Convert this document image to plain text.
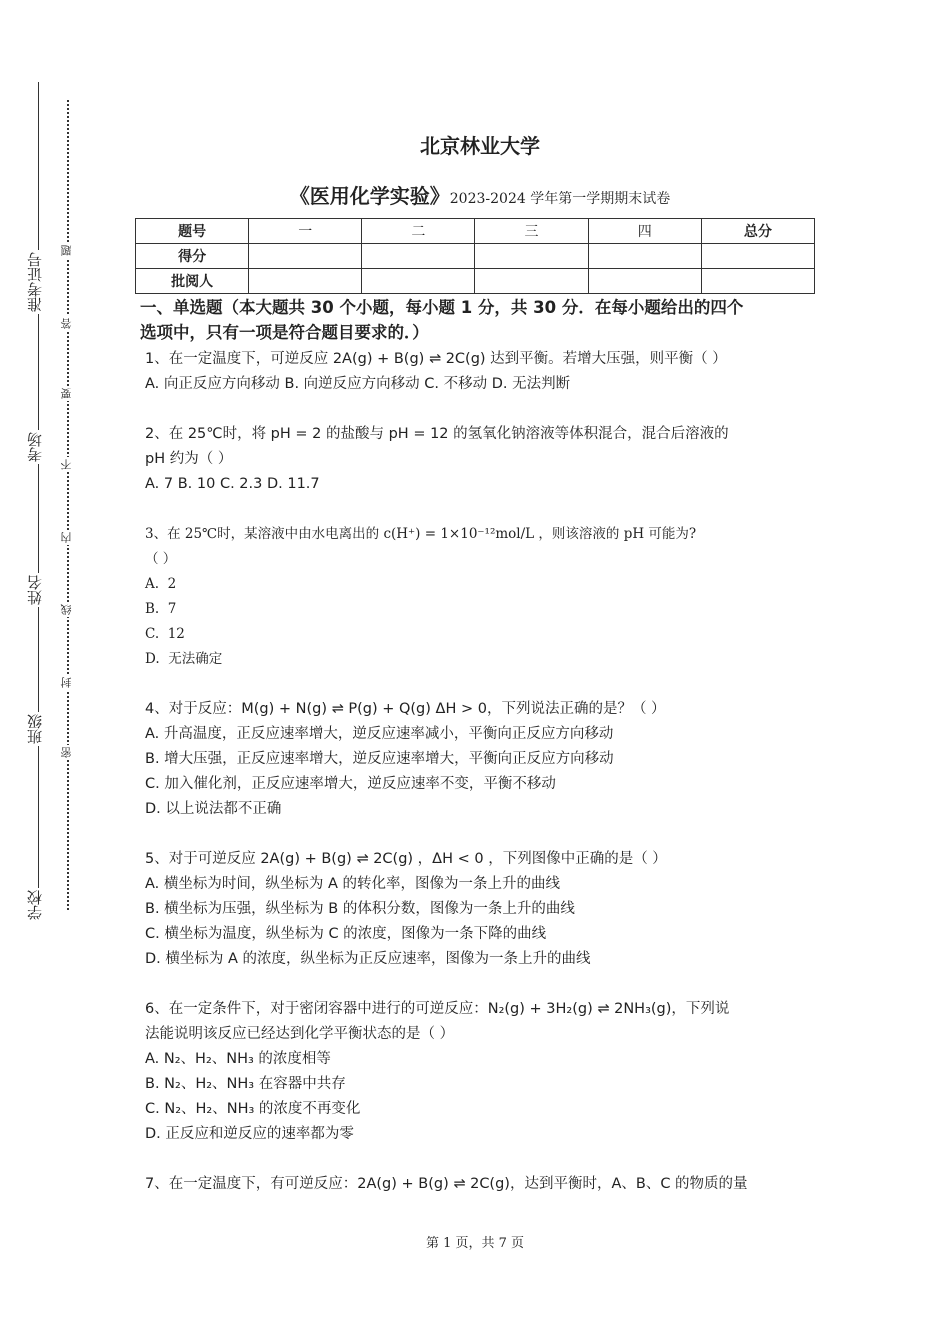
准考证号
考场
姓名
班级
学校
题
答
要
不
内
线
封
密
北京林业大学
《医用化学实验》2023-2024 学年第一学期期末试卷
题号	一	二	三	四	总分
得分					
批阅人					
一、单选题（本大题共 30 个小题，每小题 1 分，共 30 分．在每小题给出的四个
选项中，只有一项是符合题目要求的．）
1、在一定温度下，可逆反应 2A(g) + B(g) ⇌ 2C(g) 达到平衡。若增大压强，则平衡（ ）
A. 向正反应方向移动 B. 向逆反应方向移动 C. 不移动 D. 无法判断
2、在 25℃时，将 pH = 2 的盐酸与 pH = 12 的氢氧化钠溶液等体积混合，混合后溶液的
pH 约为（ ）
A. 7 B. 10 C. 2.3 D. 11.7
3、在 25℃时，某溶液中由水电离出的 c(H⁺) = 1×10⁻¹²mol/L ，则该溶液的 pH 可能为?
（ ）
A.  2
B.  7
C.  12
D.  无法确定
4、对于反应：M(g) + N(g) ⇌ P(g) + Q(g) ΔH > 0，下列说法正确的是？（ ）
A. 升高温度，正反应速率增大，逆反应速率减小，平衡向正反应方向移动
B. 增大压强，正反应速率增大，逆反应速率增大，平衡向正反应方向移动
C. 加入催化剂，正反应速率增大，逆反应速率不变，平衡不移动
D. 以上说法都不正确
5、对于可逆反应 2A(g) + B(g) ⇌ 2C(g) ，ΔH < 0 ，下列图像中正确的是（ ）
A. 横坐标为时间，纵坐标为 A 的转化率，图像为一条上升的曲线
B. 横坐标为压强，纵坐标为 B 的体积分数，图像为一条上升的曲线
C. 横坐标为温度，纵坐标为 C 的浓度，图像为一条下降的曲线
D. 横坐标为 A 的浓度，纵坐标为正反应速率，图像为一条上升的曲线
6、在一定条件下，对于密闭容器中进行的可逆反应：N₂(g) + 3H₂(g) ⇌ 2NH₃(g)，下列说
法能说明该反应已经达到化学平衡状态的是（ ）
A. N₂、H₂、NH₃ 的浓度相等
B. N₂、H₂、NH₃ 在容器中共存
C. N₂、H₂、NH₃ 的浓度不再变化
D. 正反应和逆反应的速率都为零
7、在一定温度下，有可逆反应：2A(g) + B(g) ⇌ 2C(g)，达到平衡时，A、B、C 的物质的量
第 1 页，共 7 页
